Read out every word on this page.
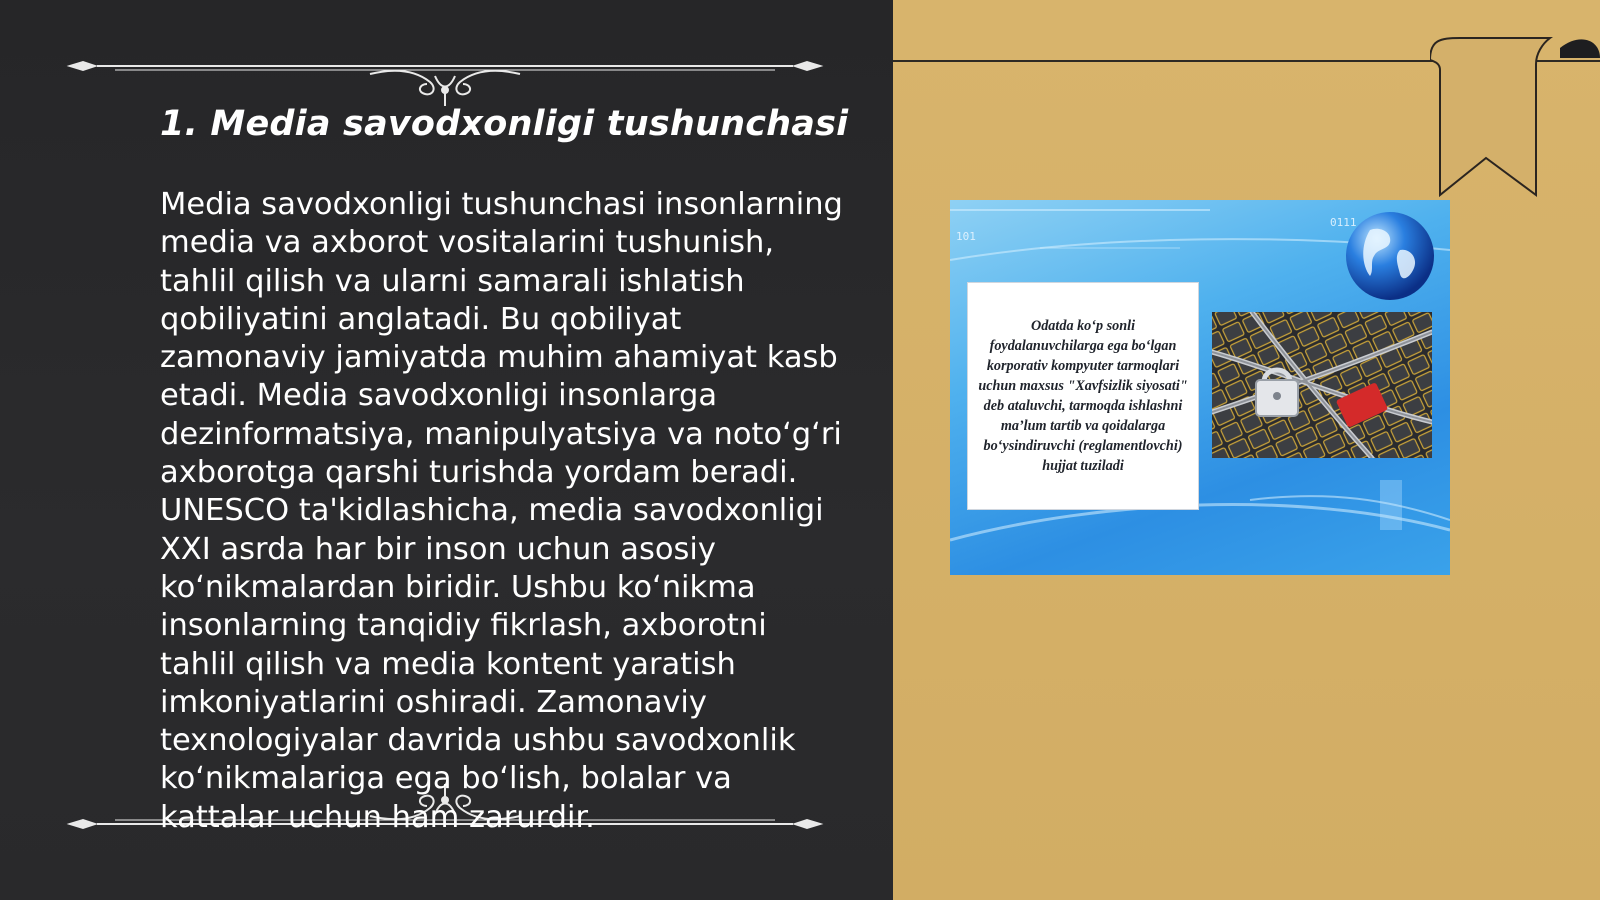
1. Media savodxonligi tushunchasi

Media savodxonligi tushunchasi insonlarning media va axborot vositalarini tushunish, tahlil qilish va ularni samarali ishlatish qobiliyatini anglatadi. Bu qobiliyat zamonaviy jamiyatda muhim ahamiyat kasb etadi. Media savodxonligi insonlarga dezinformatsiya, manipulyatsiya va noto‘g‘ri axborotga qarshi turishda yordam beradi. UNESCO ta'kidlashicha, media savodxonligi XXI asrda har bir inson uchun asosiy ko‘nikmalardan biridir. Ushbu ko‘nikma insonlarning tanqidiy fikrlash, axborotni tahlil qilish va media kontent yaratish imkoniyatlarini oshiradi. Zamonaviy texnologiyalar davrida ushbu savodxonlik ko‘nikmalariga ega bo‘lish, bolalar va kattalar uchun ham zarurdir.

101
0111

Odatda ko‘p sonli foydalanuvchilarga ega bo‘lgan korporativ kompyuter tarmoqlari uchun maxsus "Xavfsizlik siyosati" deb ataluvchi, tarmoqda ishlashni ma’lum tartib va qoidalarga bo‘ysindiruvchi (reglamentlovchi) hujjat tuziladi
